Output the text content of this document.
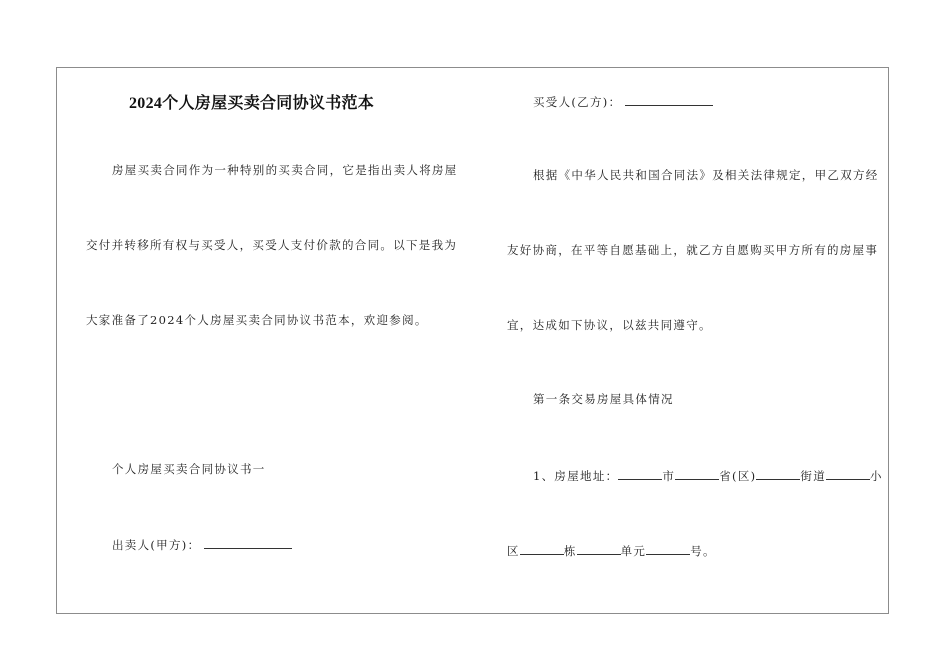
2024个人房屋买卖合同协议书范本
房屋买卖合同作为一种特别的买卖合同，它是指出卖人将房屋
交付并转移所有权与买受人，买受人支付价款的合同。以下是我为
大家准备了2024个人房屋买卖合同协议书范本，欢迎参阅。
个人房屋买卖合同协议书一
出卖人(甲方)：
买受人(乙方)：
根据《中华人民共和国合同法》及相关法律规定，甲乙双方经
友好协商，在平等自愿基础上，就乙方自愿购买甲方所有的房屋事
宜，达成如下协议，以兹共同遵守。
第一条交易房屋具体情况
1、房屋地址：	市	省(区)	街道	小
区	栋	单元	号。
